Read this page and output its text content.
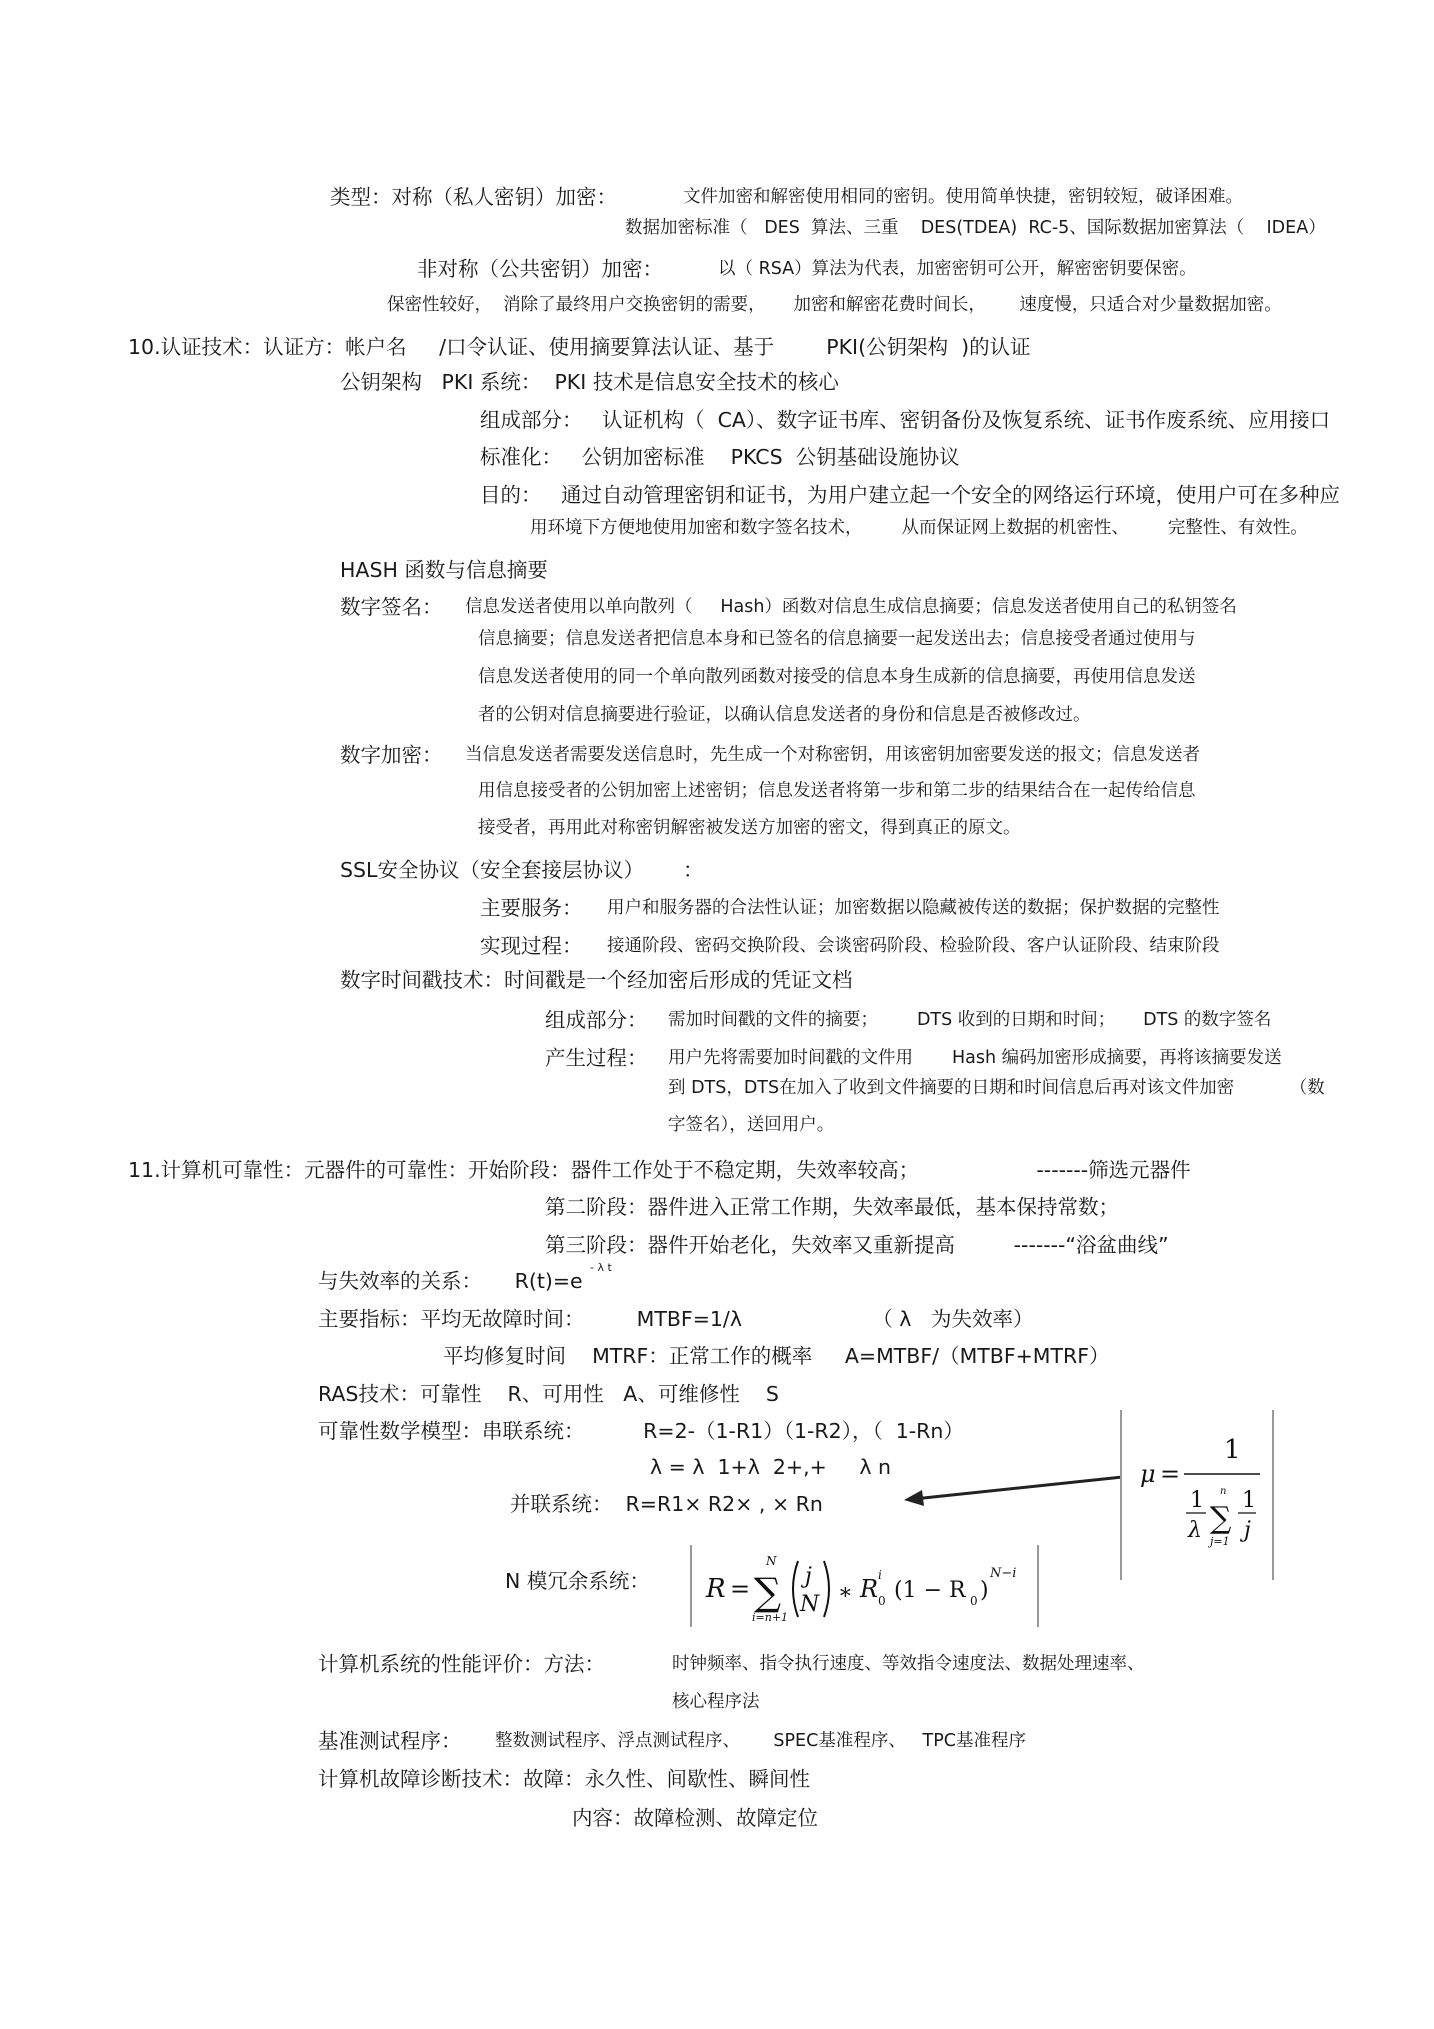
类型：对称（私人密钥）加密：	文件加密和解密使用相同的密钥。使用简单快捷，密钥较短，破译困难。
数据加密标准（   DES  算法、三重    DES(TDEA)  RC-5、国际数据加密算法（    IDEA）
非对称（公共密钥）加密：	以（ RSA）算法为代表，加密密钥可公开，解密密钥要保密。
保密性较好，  消除了最终用户交换密钥的需要，     加密和解密花费时间长，      速度慢，只适合对少量数据加密。
10.认证技术：认证方：帐户名     /口令认证、使用摘要算法认证、基于        PKI(公钥架构  )的认证
公钥架构   PKI 系统：  PKI 技术是信息安全技术的核心
组成部分：   认证机构（  CA）、数字证书库、密钥备份及恢复系统、证书作废系统、应用接口
标准化：   公钥加密标准    PKCS  公钥基础设施协议
目的：   通过自动管理密钥和证书，为用户建立起一个安全的网络运行环境，使用户可在多种应
用环境下方便地使用加密和数字签名技术，       从而保证网上数据的机密性、       完整性、有效性。
HASH 函数与信息摘要
数字签名： 信息发送者使用以单向散列（     Hash）函数对信息生成信息摘要；信息发送者使用自己的私钥签名
信息摘要；信息发送者把信息本身和已签名的信息摘要一起发送出去；信息接受者通过使用与
信息发送者使用的同一个单向散列函数对接受的信息本身生成新的信息摘要，再使用信息发送
者的公钥对信息摘要进行验证，以确认信息发送者的身份和信息是否被修改过。
数字加密： 当信息发送者需要发送信息时，先生成一个对称密钥，用该密钥加密要发送的报文；信息发送者
用信息接受者的公钥加密上述密钥；信息发送者将第一步和第二步的结果结合在一起传给信息
接受者，再用此对称密钥解密被发送方加密的密文，得到真正的原文。
SSL安全协议（安全套接层协议）      ：
主要服务： 用户和服务器的合法性认证；加密数据以隐藏被传送的数据；保护数据的完整性
实现过程： 接通阶段、密码交换阶段、会谈密码阶段、检验阶段、客户认证阶段、结束阶段
数字时间戳技术：时间戳是一个经加密后形成的凭证文档
组成部分： 需加时间戳的文件的摘要；       DTS 收到的日期和时间；     DTS 的数字签名
产生过程： 用户先将需要加时间戳的文件用       Hash 编码加密形成摘要，再将该摘要发送
到 DTS，DTS在加入了收到文件摘要的日期和时间信息后再对该文件加密          （数
字签名），送回用户。
11.计算机可靠性：元器件的可靠性：开始阶段：器件工作处于不稳定期，失效率较高；                  -------筛选元器件
第二阶段：器件进入正常工作期，失效率最低，基本保持常数；
第三阶段：器件开始老化，失效率又重新提高         -------“浴盆曲线”
与失效率的关系：     R(t)=e
- λ t
主要指标：平均无故障时间：        MTBF=1/λ                    （ λ   为失效率）
平均修复时间    MTRF：正常工作的概率     A=MTBF/（MTBF+MTRF）
RAS技术：可靠性    R、可用性   A、可维修性    S
可靠性数学模型：串联系统：         R=2-（1-R1）（1-R2），（  1-Rn）
λ = λ  1+λ  2+,+     λ n
并联系统：  R=R1× R2× , × Rn
μ =
1
1
λ
n
∑
j=1
1
j
N 模冗余系统： R =
N
∑
i=n+1
j
N ∗ R 0
i
(1 − R 0 )
N−i
计算机系统的性能评价：方法：	时钟频率、指令执行速度、等效指令速度法、数据处理速率、
核心程序法
基准测试程序： 整数测试程序、浮点测试程序、      SPEC基准程序、   TPC基准程序
计算机故障诊断技术：故障：永久性、间歇性、瞬间性
内容：故障检测、故障定位
